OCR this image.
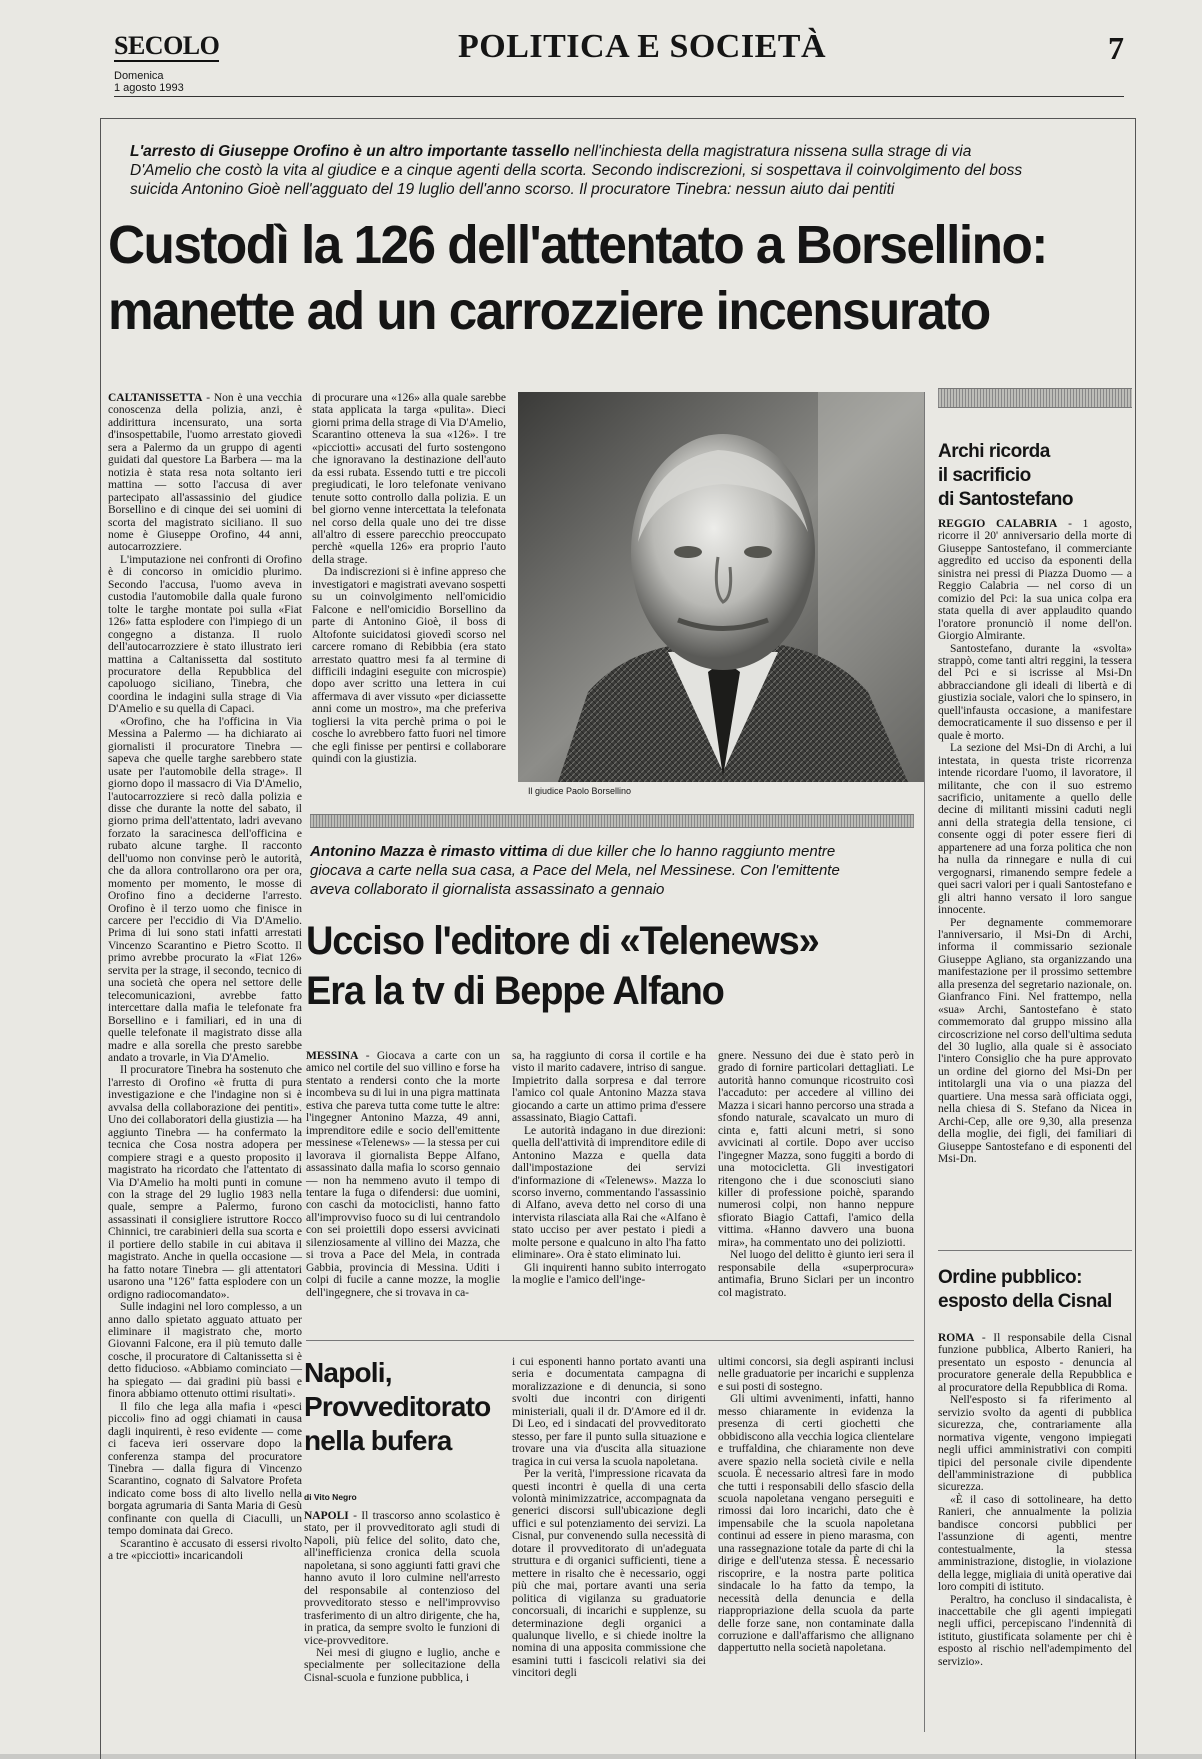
SECOLO
Domenica
1 agosto 1993
POLITICA E SOCIETÀ	7
L'arresto di Giuseppe Orofino è un altro importante tassello nell'inchiesta della magistratura nissena sulla strage di via D'Amelio che costò la vita al giudice e a cinque agenti della scorta. Secondo indiscrezioni, si sospettava il coinvolgimento del boss suicida Antonino Gioè nell'agguato del 19 luglio dell'anno scorso. Il procuratore Tinebra: nessun aiuto dai pentiti
Custodì la 126 dell'attentato a Borsellino:
manette ad un carrozziere incensurato

CALTANISSETTA - Non è una vecchia conoscenza della polizia, anzi, è addirittura incensurato, una sorta d'insospettabile, l'uomo arrestato giovedì sera a Palermo da un gruppo di agenti guidati dal questore La Barbera — ma la notizia è stata resa nota soltanto ieri mattina — sotto l'accusa di aver partecipato all'assassinio del giudice Borsellino e di cinque dei sei uomini di scorta del magistrato siciliano. Il suo nome è Giuseppe Orofino, 44 anni, autocarrozziere.

L'imputazione nei confronti di Orofino è di concorso in omicidio plurimo. Secondo l'accusa, l'uomo aveva in custodia l'automobile dalla quale furono tolte le targhe montate poi sulla «Fiat 126» fatta esplodere con l'impiego di un congegno a distanza. Il ruolo dell'autocarrozziere è stato illustrato ieri mattina a Caltanissetta dal sostituto procuratore della Repubblica del capoluogo siciliano, Tinebra, che coordina le indagini sulla strage di Via D'Amelio e su quella di Capaci.

«Orofino, che ha l'officina in Via Messina a Palermo — ha dichiarato ai giornalisti il procuratore Tinebra — sapeva che quelle targhe sarebbero state usate per l'automobile della strage». Il giorno dopo il massacro di Via D'Amelio, l'autocarrozziere si recò dalla polizia e disse che durante la notte del sabato, il giorno prima dell'attentato, ladri avevano forzato la saracinesca dell'officina e rubato alcune targhe. Il racconto dell'uomo non convinse però le autorità, che da allora controllarono ora per ora, momento per momento, le mosse di Orofino fino a deciderne l'arresto. Orofino è il terzo uomo che finisce in carcere per l'eccidio di Via D'Amelio. Prima di lui sono stati infatti arrestati Vincenzo Scarantino e Pietro Scotto. Il primo avrebbe procurato la «Fiat 126» servita per la strage, il secondo, tecnico di una società che opera nel settore delle telecomunicazioni, avrebbe fatto intercettare dalla mafia le telefonate fra Borsellino e i familiari, ed in una di quelle telefonate il magistrato disse alla madre e alla sorella che presto sarebbe andato a trovarle, in Via D'Amelio.

Il procuratore Tinebra ha sostenuto che l'arresto di Orofino «è frutta di pura investigazione e che l'indagine non si è avvalsa della collaborazione dei pentiti». Uno dei collaboratori della giustizia — ha aggiunto Tinebra — ha confermato la tecnica che Cosa nostra adopera per compiere stragi e a questo proposito il magistrato ha ricordato che l'attentato di Via D'Amelio ha molti punti in comune con la strage del 29 luglio 1983 nella quale, sempre a Palermo, furono assassinati il consigliere istruttore Rocco Chinnici, tre carabinieri della sua scorta e il portiere dello stabile in cui abitava il magistrato. Anche in quella occasione — ha fatto notare Tinebra — gli attentatori usarono una "126" fatta esplodere con un ordigno radiocomandato».

Sulle indagini nel loro complesso, a un anno dallo spietato agguato attuato per eliminare il magistrato che, morto Giovanni Falcone, era il più temuto dalle cosche, il procuratore di Caltanissetta si è detto fiducioso. «Abbiamo cominciato — ha spiegato — dai gradini più bassi e finora abbiamo ottenuto ottimi risultati».

Il filo che lega alla mafia i «pesci piccoli» fino ad oggi chiamati in causa dagli inquirenti, è reso evidente — come ci faceva ieri osservare dopo la conferenza stampa del procuratore Tinebra — dalla figura di Vincenzo Scarantino, cognato di Salvatore Profeta indicato come boss di alto livello nella borgata agrumaria di Santa Maria di Gesù confinante con quella di Ciaculli, un tempo dominata dai Greco.

Scarantino è accusato di essersi rivolto a tre «picciotti» incaricandoli

di procurare una «126» alla quale sarebbe stata applicata la targa «pulita». Dieci giorni prima della strage di Via D'Amelio, Scarantino otteneva la sua «126». I tre «picciotti» accusati del furto sostengono che ignoravano la destinazione dell'auto da essi rubata. Essendo tutti e tre piccoli pregiudicati, le loro telefonate venivano tenute sotto controllo dalla polizia. E un bel giorno venne intercettata la telefonata nel corso della quale uno dei tre disse all'altro di essere parecchio preoccupato perchè «quella 126» era proprio l'auto della strage.

Da indiscrezioni si è infine appreso che investigatori e magistrati avevano sospetti su un coinvolgimento nell'omicidio Falcone e nell'omicidio Borsellino da parte di Antonino Gioè, il boss di Altofonte suicidatosi giovedì scorso nel carcere romano di Rebibbia (era stato arrestato quattro mesi fa al termine di difficili indagini eseguite con microspie) dopo aver scritto una lettera in cui affermava di aver vissuto «per diciassette anni come un mostro», ma che preferiva togliersi la vita perchè prima o poi le cosche lo avrebbero fatto fuori nel timore che egli finisse per pentirsi e collaborare quindi con la giustizia.

Il giudice Paolo Borsellino
Archi ricorda
il sacrificio
di Santostefano

REGGIO CALABRIA - 1 agosto, ricorre il 20' anniversario della morte di Giuseppe Santostefano, il commerciante aggredito ed ucciso da esponenti della sinistra nei pressi di Piazza Duomo — a Reggio Calabria — nel corso di un comizio del Pci: la sua unica colpa era stata quella di aver applaudito quando l'oratore pronunciò il nome dell'on. Giorgio Almirante.

Santostefano, durante la «svolta» strappò, come tanti altri reggini, la tessera del Pci e si iscrisse al Msi-Dn abbracciandone gli ideali di libertà e di giustizia sociale, valori che lo spinsero, in quell'infausta occasione, a manifestare democraticamente il suo dissenso e per il quale è morto.

La sezione del Msi-Dn di Archi, a lui intestata, in questa triste ricorrenza intende ricordare l'uomo, il lavoratore, il militante, che con il suo estremo sacrificio, unitamente a quello delle decine di militanti missini caduti negli anni della strategia della tensione, ci consente oggi di poter essere fieri di appartenere ad una forza politica che non ha nulla da rinnegare e nulla di cui vergognarsi, rimanendo sempre fedele a quei sacri valori per i quali Santostefano e gli altri hanno versato il loro sangue innocente.

Per degnamente commemorare l'anniversario, il Msi-Dn di Archi, informa il commissario sezionale Giuseppe Agliano, sta organizzando una manifestazione per il prossimo settembre alla presenza del segretario nazionale, on. Gianfranco Fini. Nel frattempo, nella «sua» Archi, Santostefano è stato commemorato dal gruppo missino alla circoscrizione nel corso dell'ultima seduta del 30 luglio, alla quale si è associato l'intero Consiglio che ha pure approvato un ordine del giorno del Msi-Dn per intitolargli una via o una piazza del quartiere. Una messa sarà officiata oggi, nella chiesa di S. Stefano da Nicea in Archi-Cep, alle ore 9,30, alla presenza della moglie, dei figli, dei familiari di Giuseppe Santostefano e di esponenti del Msi-Dn.

Ordine pubblico:
esposto della Cisnal

ROMA - Il responsabile della Cisnal funzione pubblica, Alberto Ranieri, ha presentato un esposto - denuncia al procuratore generale della Repubblica e al procuratore della Repubblica di Roma.

Nell'esposto si fa riferimento al servizio svolto da agenti di pubblica sicurezza, che, contrariamente alla normativa vigente, vengono impiegati negli uffici amministrativi con compiti tipici del personale civile dipendente dell'amministrazione di pubblica sicurezza.

«È il caso di sottolineare, ha detto Ranieri, che annualmente la polizia bandisce concorsi pubblici per l'assunzione di agenti, mentre contestualmente, la stessa amministrazione, distoglie, in violazione della legge, migliaia di unità operative dai loro compiti di istituto.

Peraltro, ha concluso il sindacalista, è inaccettabile che gli agenti impiegati negli uffici, percepiscano l'indennità di istituto, giustificata solamente per chi è esposto al rischio nell'adempimento del servizio».

Antonino Mazza è rimasto vittima di due killer che lo hanno raggiunto mentre giocava a carte nella sua casa, a Pace del Mela, nel Messinese. Con l'emittente aveva collaborato il giornalista assassinato a gennaio
Ucciso l'editore di «Telenews»
Era la tv di Beppe Alfano

MESSINA - Giocava a carte con un amico nel cortile del suo villino e forse ha stentato a rendersi conto che la morte incombeva su di lui in una pigra mattinata estiva che pareva tutta come tutte le altre: l'ingegner Antonino Mazza, 49 anni, imprenditore edile e socio dell'emittente messinese «Telenews» — la stessa per cui lavorava il giornalista Beppe Alfano, assassinato dalla mafia lo scorso gennaio — non ha nemmeno avuto il tempo di tentare la fuga o difendersi: due uomini, con caschi da motociclisti, hanno fatto all'improvviso fuoco su di lui centrandolo con sei proiettili dopo essersi avvicinati silenziosamente al villino dei Mazza, che si trova a Pace del Mela, in contrada Gabbia, provincia di Messina. Uditi i colpi di fucile a canne mozze, la moglie dell'ingegnere, che si trovava in ca-

sa, ha raggiunto di corsa il cortile e ha visto il marito cadavere, intriso di sangue. Impietrito dalla sorpresa e dal terrore l'amico col quale Antonino Mazza stava giocando a carte un attimo prima d'essere assassinato, Biagio Cattafi.

Le autorità indagano in due direzioni: quella dell'attività di imprenditore edile di Antonino Mazza e quella data dall'impostazione dei servizi d'informazione di «Telenews». Mazza lo scorso inverno, commentando l'assassinio di Alfano, aveva detto nel corso di una intervista rilasciata alla Rai che «Alfano è stato ucciso per aver pestato i piedi a molte persone e qualcuno in alto l'ha fatto eliminare». Ora è stato eliminato lui.

Gli inquirenti hanno subito interrogato la moglie e l'amico dell'inge-

gnere. Nessuno dei due è stato però in grado di fornire particolari dettagliati. Le autorità hanno comunque ricostruito così l'accaduto: per accedere al villino dei Mazza i sicari hanno percorso una strada a sfondo naturale, scavalcato un muro di cinta e, fatti alcuni metri, si sono avvicinati al cortile. Dopo aver ucciso l'ingegner Mazza, sono fuggiti a bordo di una motocicletta. Gli investigatori ritengono che i due sconosciuti siano killer di professione poichè, sparando numerosi colpi, non hanno neppure sfiorato Biagio Cattafi, l'amico della vittima. «Hanno davvero una buona mira», ha commentato uno dei poliziotti.

Nel luogo del delitto è giunto ieri sera il responsabile della «superprocura» antimafia, Bruno Siclari per un incontro col magistrato.

Napoli,
Provveditorato
nella bufera
di Vito Negro

NAPOLI - Il trascorso anno scolastico è stato, per il provveditorato agli studi di Napoli, più felice del solito, dato che, all'inefficienza cronica della scuola napoletana, si sono aggiunti fatti gravi che hanno avuto il loro culmine nell'arresto del responsabile al contenzioso del provveditorato stesso e nell'improvviso trasferimento di un altro dirigente, che ha, in pratica, da sempre svolto le funzioni di vice-provveditore.

Nei mesi di giugno e luglio, anche e specialmente per sollecitazione della Cisnal-scuola e funzione pubblica, i

i cui esponenti hanno portato avanti una seria e documentata campagna di moralizzazione e di denuncia, si sono svolti due incontri con dirigenti ministeriali, quali il dr. D'Amore ed il dr. Di Leo, ed i sindacati del provveditorato stesso, per fare il punto sulla situazione e trovare una via d'uscita alla situazione tragica in cui versa la scuola napoletana.

Per la verità, l'impressione ricavata da questi incontri è quella di una certa volontà minimizzatrice, accompagnata da generici discorsi sull'ubicazione degli uffici e sul potenziamento dei servizi. La Cisnal, pur convenendo sulla necessità di dotare il provveditorato di un'adeguata struttura e di organici sufficienti, tiene a mettere in risalto che è necessario, oggi più che mai, portare avanti una seria politica di vigilanza su graduatorie concorsuali, di incarichi e supplenze, su determinazione degli organici a qualunque livello, e si chiede inoltre la nomina di una apposita commissione che esamini tutti i fascicoli relativi sia dei vincitori degli

ultimi concorsi, sia degli aspiranti inclusi nelle graduatorie per incarichi e supplenza e sui posti di sostegno.

Gli ultimi avvenimenti, infatti, hanno messo chiaramente in evidenza la presenza di certi giochetti che obbidiscono alla vecchia logica clientelare e truffaldina, che chiaramente non deve avere spazio nella società civile e nella scuola. È necessario altresì fare in modo che tutti i responsabili dello sfascio della scuola napoletana vengano perseguiti e rimossi dai loro incarichi, dato che è impensabile che la scuola napoletana continui ad essere in pieno marasma, con una rassegnazione totale da parte di chi la dirige e dell'utenza stessa. È necessario riscoprire, e la nostra parte politica sindacale lo ha fatto da tempo, la necessità della denuncia e della riappropriazione della scuola da parte delle forze sane, non contaminate dalla corruzione e dall'affarismo che allignano dappertutto nella società napoletana.
